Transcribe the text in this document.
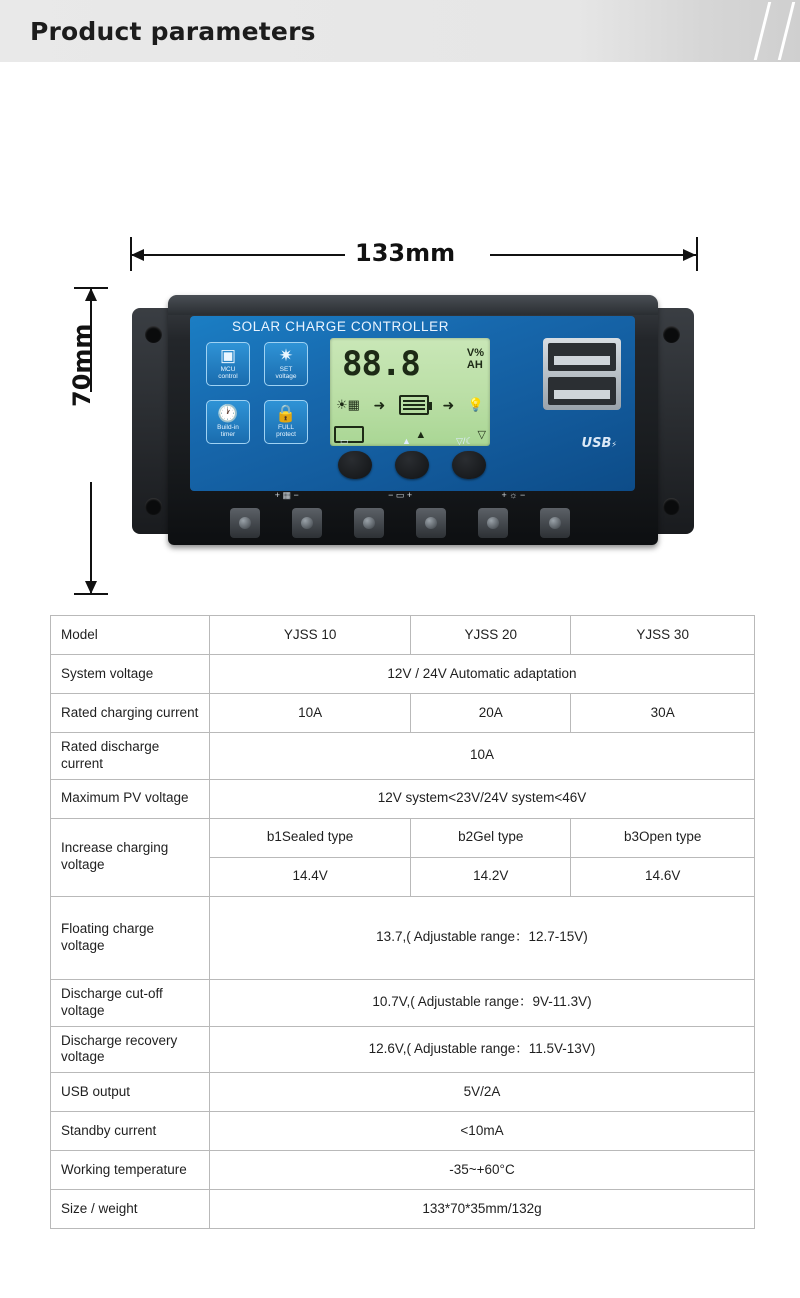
Product parameters
133mm
70mm	SOLAR CHARGE CONTROLLER
▣
MCU
control
✷
SET
voltage
🕐
Build-in
timer
🔒
FULL
protect
88.8	V%
AH
☀▦ ➜	➜ 💡
▲	▽
USB⚡
▭	▲	▽/☾
+ ▦ −	− ▭ +	+ ☼ −
Model	YJSS 10	YJSS 20	YJSS 30
System voltage	12V / 24V Automatic adaptation		
Rated charging current	10A	20A	30A
Rated discharge current	10A		
Maximum PV voltage	12V system<23V/24V system<46V		
Increase charging voltage	b1Sealed type	b2Gel type	b3Open type
	14.4V	14.2V	14.6V
Floating charge voltage	13.7,( Adjustable range：12.7-15V)		
Discharge cut-off voltage	10.7V,( Adjustable range：9V-11.3V)		
Discharge recovery voltage	12.6V,( Adjustable range：11.5V-13V)		
USB output	5V/2A		
Standby current	<10mA		
Working temperature	-35~+60°C		
Size / weight	133*70*35mm/132g		
